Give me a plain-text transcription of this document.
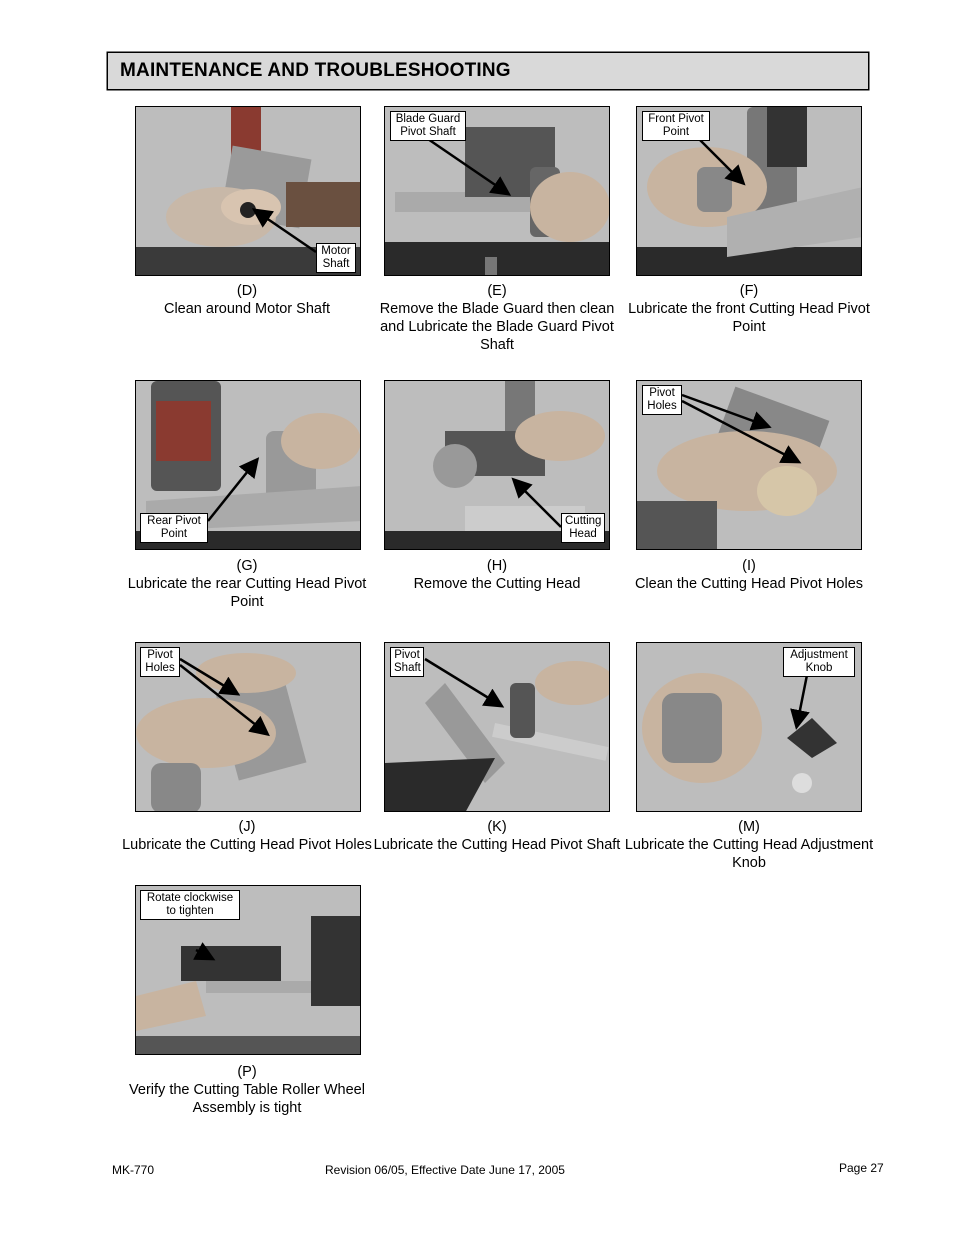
MAINTENANCE AND TROUBLESHOOTING
Motor
Shaft
(D)
Clean around Motor Shaft
Blade Guard
Pivot Shaft
(E)
Remove the Blade Guard then clean and Lubricate the Blade Guard Pivot Shaft
Front Pivot
Point
(F)
Lubricate the front Cutting Head Pivot Point
Rear Pivot
Point
(G)
Lubricate the rear Cutting Head Pivot Point
Cutting
Head
(H)
Remove the Cutting Head
Pivot
Holes
(I)
Clean the Cutting Head Pivot Holes
Pivot
Holes
(J)
Lubricate the Cutting Head Pivot Holes
Pivot
Shaft
(K)
Lubricate the Cutting Head Pivot Shaft
Adjustment
Knob
(M)
Lubricate the Cutting Head Adjustment Knob
Rotate clockwise
to tighten
(P)
Verify the Cutting Table Roller Wheel Assembly is tight
MK-770	Revision 06/05, Effective Date June 17, 2005	Page 27
